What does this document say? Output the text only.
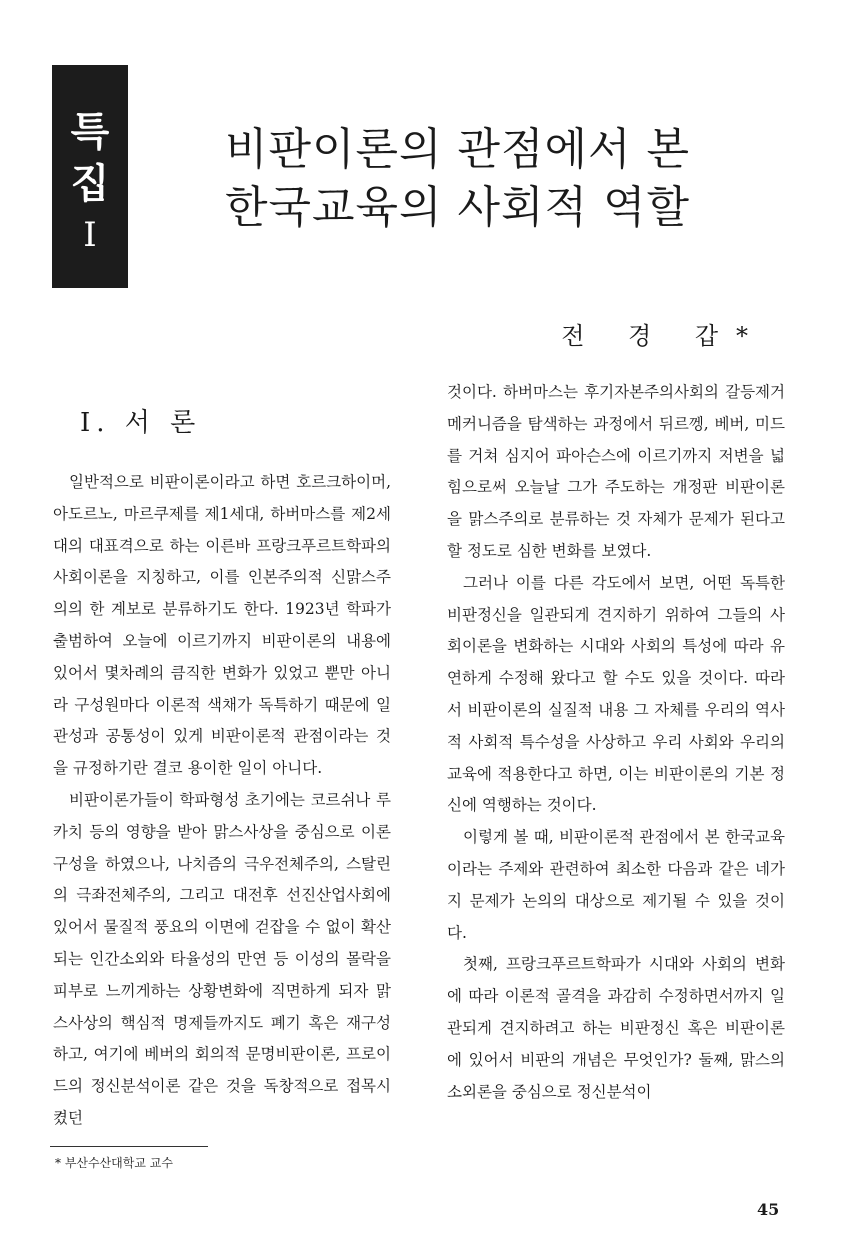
특
집
I
비판이론의 관점에서 본
한국교육의 사회적 역할
전 경 갑*
I. 서 론

일반적으로 비판이론이라고 하면 호르크하이머, 아도르노, 마르쿠제를 제1세대, 하버마스를 제2세대의 대표격으로 하는 이른바 프랑크푸르트학파의 사회이론을 지칭하고, 이를 인본주의적 신맑스주의의 한 계보로 분류하기도 한다. 1923년 학파가 출범하여 오늘에 이르기까지 비판이론의 내용에 있어서 몇차례의 큼직한 변화가 있었고 뿐만 아니라 구성원마다 이론적 색채가 독특하기 때문에 일관성과 공통성이 있게 비판이론적 관점이라는 것을 규정하기란 결코 용이한 일이 아니다.

비판이론가들이 학파형성 초기에는 코르쉬나 루카치 등의 영향을 받아 맑스사상을 중심으로 이론구성을 하였으나, 나치즘의 극우전체주의, 스탈린의 극좌전체주의, 그리고 대전후 선진산업사회에 있어서 물질적 풍요의 이면에 걷잡을 수 없이 확산되는 인간소외와 타율성의 만연 등 이성의 몰락을 피부로 느끼게하는 상황변화에 직면하게 되자 맑스사상의 핵심적 명제들까지도 폐기 혹은 재구성하고, 여기에 베버의 회의적 문명비판이론, 프로이드의 정신분석이론 같은 것을 독창적으로 접목시켰던

것이다. 하버마스는 후기자본주의사회의 갈등제거 메커니즘을 탐색하는 과정에서 뒤르껭, 베버, 미드를 거쳐 심지어 파아슨스에 이르기까지 저변을 넓힘으로써 오늘날 그가 주도하는 개정판 비판이론을 맑스주의로 분류하는 것 자체가 문제가 된다고 할 정도로 심한 변화를 보였다.

그러나 이를 다른 각도에서 보면, 어떤 독특한 비판정신을 일관되게 견지하기 위하여 그들의 사회이론을 변화하는 시대와 사회의 특성에 따라 유연하게 수정해 왔다고 할 수도 있을 것이다. 따라서 비판이론의 실질적 내용 그 자체를 우리의 역사적 사회적 특수성을 사상하고 우리 사회와 우리의 교육에 적용한다고 하면, 이는 비판이론의 기본 정신에 역행하는 것이다.

이렇게 볼 때, 비판이론적 관점에서 본 한국교육이라는 주제와 관련하여 최소한 다음과 같은 네가지 문제가 논의의 대상으로 제기될 수 있을 것이다.

첫째, 프랑크푸르트학파가 시대와 사회의 변화에 따라 이론적 골격을 과감히 수정하면서까지 일관되게 견지하려고 하는 비판정신 혹은 비판이론에 있어서 비판의 개념은 무엇인가? 둘째, 맑스의 소외론을 중심으로 정신분석이

* 부산수산대학교 교수
45
